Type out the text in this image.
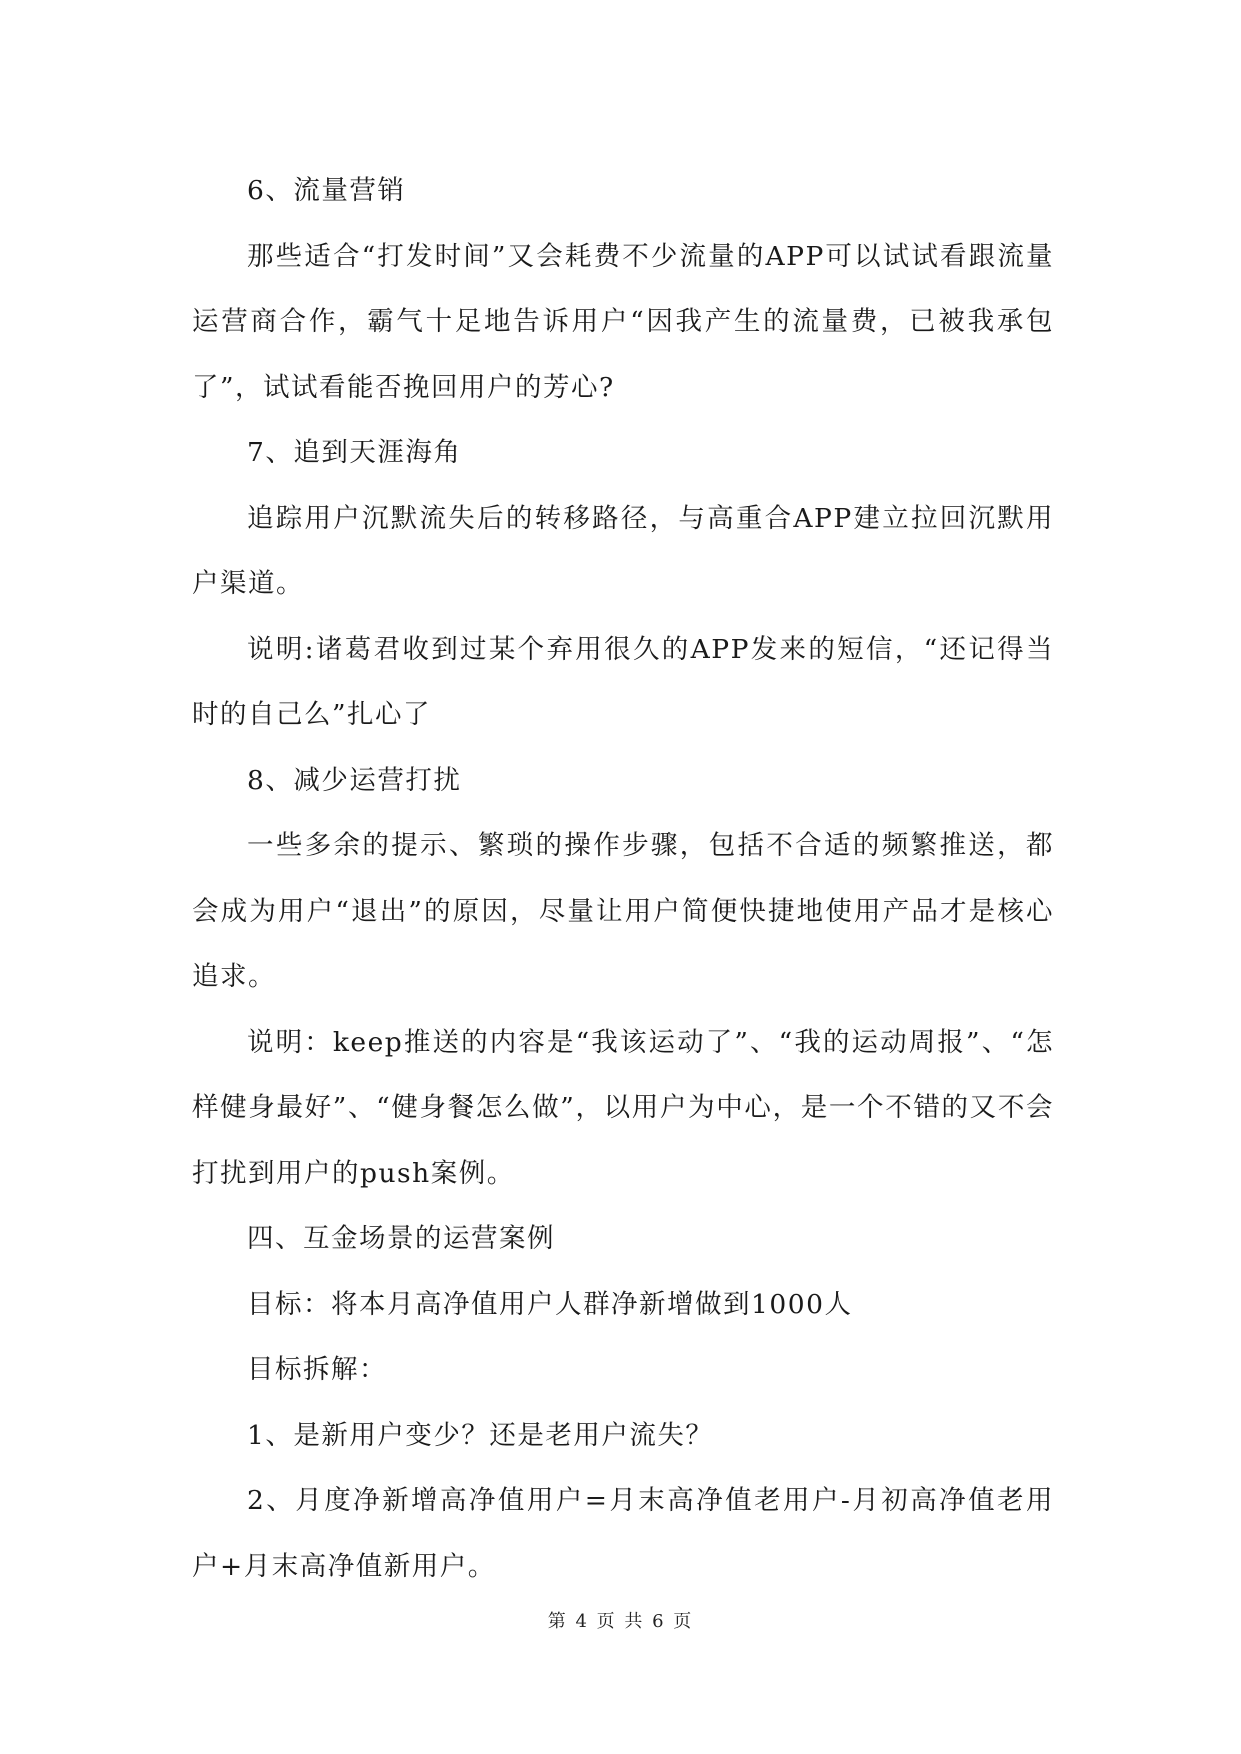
6、流量营销

那些适合“打发时间”又会耗费不少流量的APP可以试试看跟流量运营商合作，霸气十足地告诉用户“因我产生的流量费，已被我承包了”，试试看能否挽回用户的芳心?

7、追到天涯海角

追踪用户沉默流失后的转移路径，与高重合APP建立拉回沉默用户渠道。

说明:诸葛君收到过某个弃用很久的APP发来的短信，“还记得当时的自己么”扎心了

8、减少运营打扰

一些多余的提示、繁琐的操作步骤，包括不合适的频繁推送，都会成为用户“退出”的原因，尽量让用户简便快捷地使用产品才是核心追求。

说明：keep推送的内容是“我该运动了”、“我的运动周报”、“怎样健身最好”、“健身餐怎么做”，以用户为中心，是一个不错的又不会打扰到用户的push案例。

四、互金场景的运营案例

目标：将本月高净值用户人群净新增做到1000人

目标拆解：

1、是新用户变少？还是老用户流失？

2、月度净新增高净值用户=月末高净值老用户-月初高净值老用户+月末高净值新用户。

第 4 页 共 6 页
